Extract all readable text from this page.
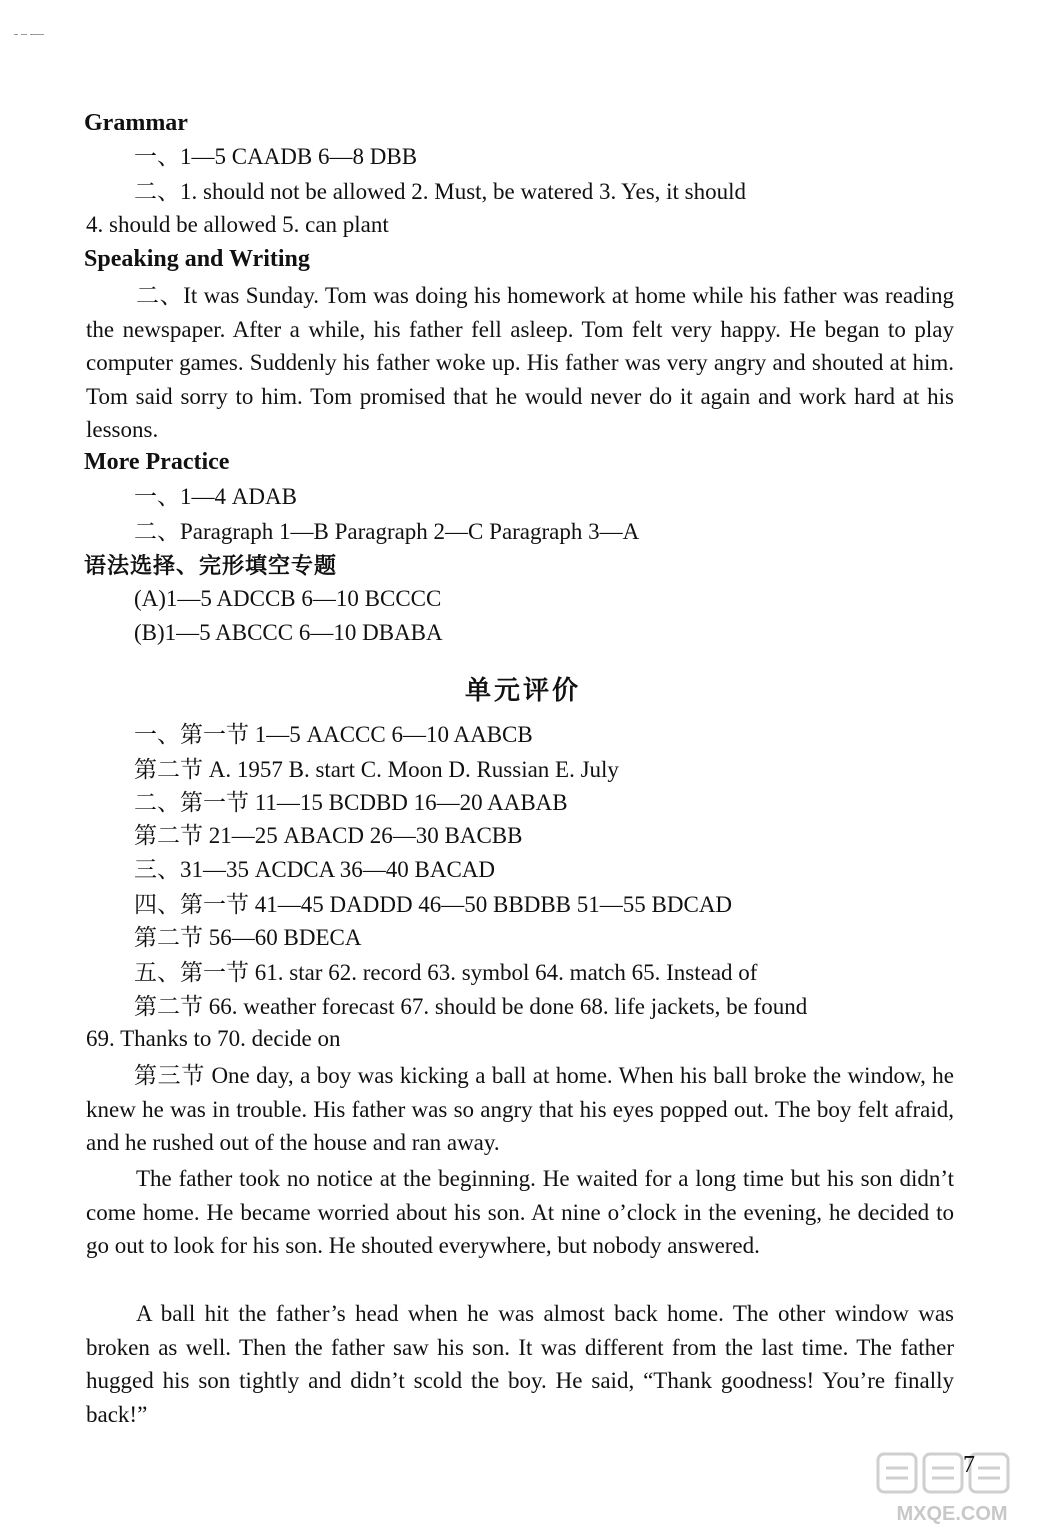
Grammar
一、1—5 CAADB 6—8 DBB
二、1. should not be allowed 2. Must, be watered 3. Yes, it should
4. should be allowed 5. can plant
Speaking and Writing
二、It was Sunday. Tom was doing his homework at home while his father was reading the newspaper. After a while, his father fell asleep. Tom felt very happy. He began to play computer games. Suddenly his father woke up. His father was very angry and shouted at him. Tom said sorry to him. Tom promised that he would never do it again and work hard at his lessons.
More Practice
一、1—4 ADAB
二、Paragraph 1—B Paragraph 2—C Paragraph 3—A
语法选择、完形填空专题
(A)1—5 ADCCB 6—10 BCCCC
(B)1—5 ABCCC 6—10 DBABA
单元评价
一、第一节 1—5 AACCC 6—10 AABCB
第二节 A. 1957 B. start C. Moon D. Russian E. July
二、第一节 11—15 BCDBD 16—20 AABAB
第二节 21—25 ABACD 26—30 BACBB
三、31—35 ACDCA 36—40 BACAD
四、第一节 41—45 DADDD 46—50 BBDBB 51—55 BDCAD
第二节 56—60 BDECA
五、第一节 61. star 62. record 63. symbol 64. match 65. Instead of
第二节 66. weather forecast 67. should be done 68. life jackets, be found
69. Thanks to 70. decide on
第三节 One day, a boy was kicking a ball at home. When his ball broke the window, he knew he was in trouble. His father was so angry that his eyes popped out. The boy felt afraid, and he rushed out of the house and ran away.
The father took no notice at the beginning. He waited for a long time but his son didn’t come home. He became worried about his son. At nine o’clock in the evening, he decided to go out to look for his son. He shouted everywhere, but nobody answered.
A ball hit the father’s head when he was almost back home. The other window was broken as well. Then the father saw his son. It was different from the last time. The father hugged his son tightly and didn’t scold the boy. He said, “Thank goodness! You’re finally back!”
MXQE.COM
7
